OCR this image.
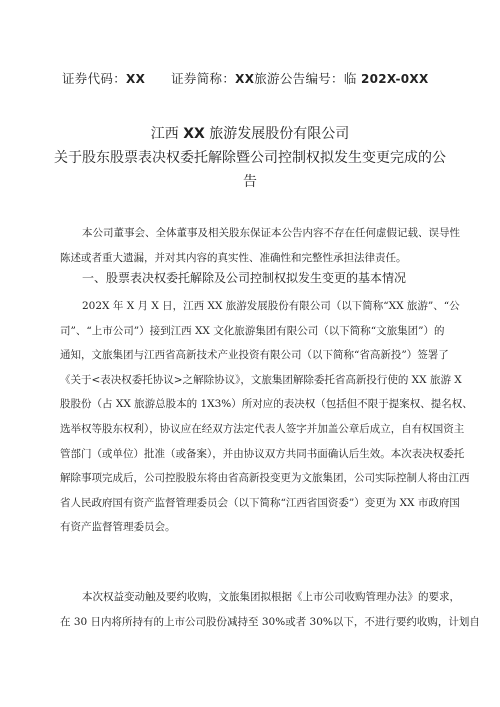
证券代码：XX 证券简称：XX旅游公告编号：临 202X-0XX
江西 XX 旅游发展股份有限公司
关于股东股票表决权委托解除暨公司控制权拟发生变更完成的公
告
本公司董事会、全体董事及相关股东保证本公告内容不存在任何虚假记载、误导性
陈述或者重大遗漏，并对其内容的真实性、准确性和完整性承担法律责任。
一、股票表决权委托解除及公司控制权拟发生变更的基本情况
202X 年 X 月 X 日，江西 XX 旅游发展股份有限公司（以下简称“XX 旅游”、“公
司”、“上市公司”）接到江西 XX 文化旅游集团有限公司（以下简称“文旅集团”）的
通知，文旅集团与江西省高新技术产业投资有限公司（以下简称“省高新投”）签署了
《关于<表决权委托协议>之解除协议》，文旅集团解除委托省高新投行使的 XX 旅游 X
股股份（占 XX 旅游总股本的 1X3%）所对应的表决权（包括但不限于提案权、提名权、
选举权等股东权利），协议应在经双方法定代表人签字并加盖公章后成立，自有权国资主
管部门（或单位）批准（或备案），并由协议双方共同书面确认后生效。本次表决权委托
解除事项完成后，公司控股股东将由省高新投变更为文旅集团，公司实际控制人将由江西
省人民政府国有资产监督管理委员会（以下简称“江西省国资委”）变更为 XX 市政府国
有资产监督管理委员会。
本次权益变动触及要约收购，文旅集团拟根据《上市公司收购管理办法》的要求，
在 30 日内将所持有的上市公司股份减持至 30%或者 30%以下，不进行要约收购，计划自
